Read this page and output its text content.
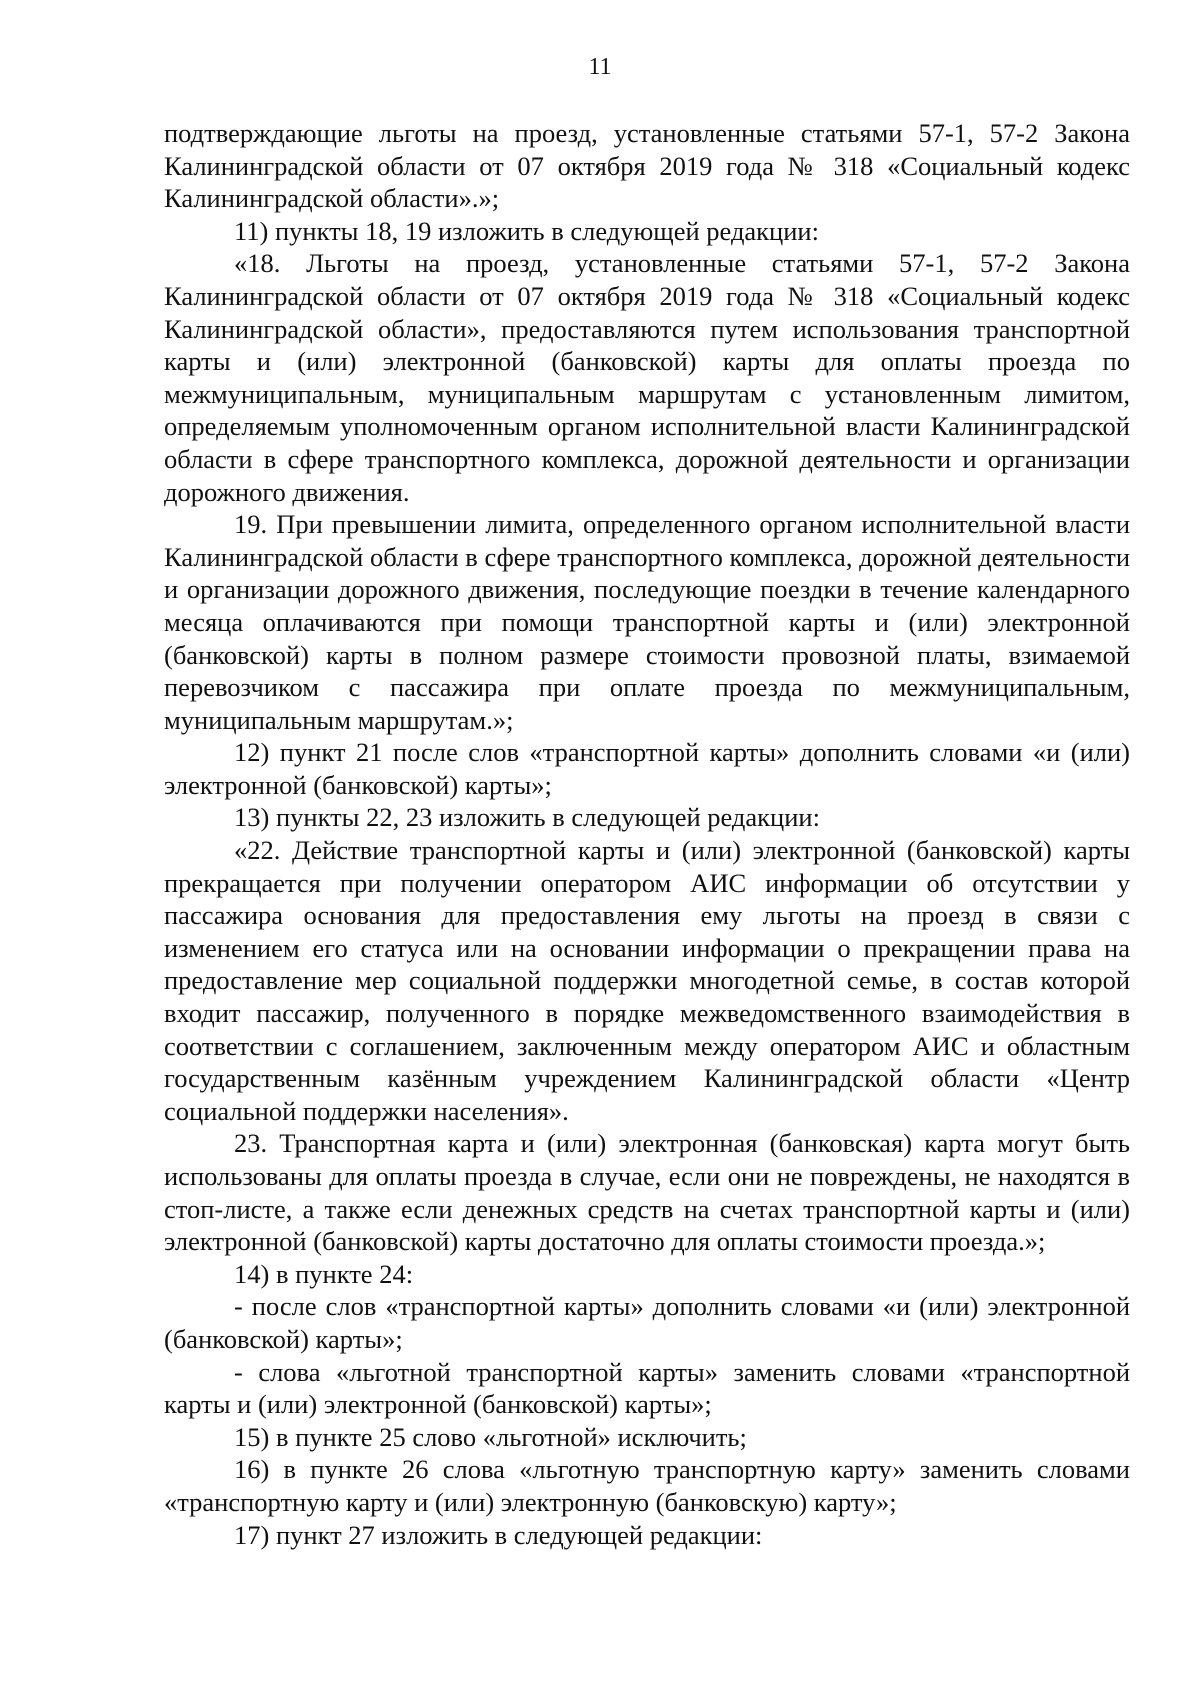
11

подтверждающие льготы на проезд, установленные статьями 57-1, 57-2 Закона Калининградской области от 07 октября 2019 года № 318 «Социальный кодекс Калининградской области».»;

11) пункты 18, 19 изложить в следующей редакции:

«18. Льготы на проезд, установленные статьями 57-1, 57-2 Закона Калининградской области от 07 октября 2019 года № 318 «Социальный кодекс Калининградской области», предоставляются путем использования транспортной карты и (или) электронной (банковской) карты для оплаты проезда по межмуниципальным, муниципальным маршрутам с установленным лимитом, определяемым уполномоченным органом исполнительной власти Калининградской области в сфере транспортного комплекса, дорожной деятельности и организации дорожного движения.

19. При превышении лимита, определенного органом исполнительной власти Калининградской области в сфере транспортного комплекса, дорожной деятельности и организации дорожного движения, последующие поездки в течение календарного месяца оплачиваются при помощи транспортной карты и (или) электронной (банковской) карты в полном размере стоимости провозной платы, взимаемой перевозчиком с пассажира при оплате проезда по межмуниципальным, муниципальным маршрутам.»;

12) пункт 21 после слов «транспортной карты» дополнить словами «и (или) электронной (банковской) карты»;

13) пункты 22, 23 изложить в следующей редакции:

«22. Действие транспортной карты и (или) электронной (банковской) карты прекращается при получении оператором АИС информации об отсутствии у пассажира основания для предоставления ему льготы на проезд в связи с изменением его статуса или на основании информации о прекращении права на предоставление мер социальной поддержки многодетной семье, в состав которой входит пассажир, полученного в порядке межведомственного взаимодействия в соответствии с соглашением, заключенным между оператором АИС и областным государственным казённым учреждением Калининградской области «Центр социальной поддержки населения».

23. Транспортная карта и (или) электронная (банковская) карта могут быть использованы для оплаты проезда в случае, если они не повреждены, не находятся в стоп-листе, а также если денежных средств на счетах транспортной карты и (или) электронной (банковской) карты достаточно для оплаты стоимости проезда.»;

14) в пункте 24:

- после слов «транспортной карты» дополнить словами «и (или) электронной (банковской) карты»;

- слова «льготной транспортной карты» заменить словами «транспортной карты и (или) электронной (банковской) карты»;

15) в пункте 25 слово «льготной» исключить;

16) в пункте 26 слова «льготную транспортную карту» заменить словами «транспортную карту и (или) электронную (банковскую) карту»;

17) пункт 27 изложить в следующей редакции:
